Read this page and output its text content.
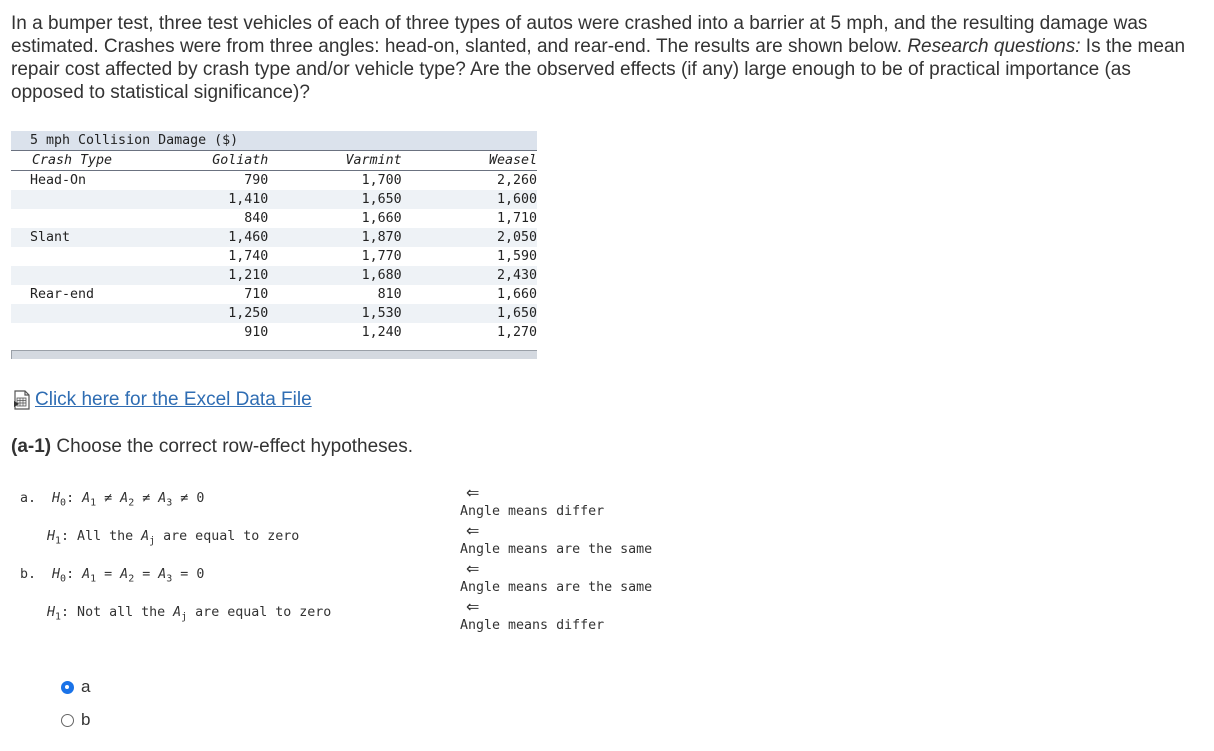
In a bumper test, three test vehicles of each of three types of autos were crashed into a barrier at 5 mph, and the resulting damage was estimated. Crashes were from three angles: head-on, slanted, and rear-end. The results are shown below. Research questions: Is the mean repair cost affected by crash type and/or vehicle type? Are the observed effects (if any) large enough to be of practical importance (as opposed to statistical significance)?
5 mph Collision Damage ($)
Crash Type	Goliath	Varmint	Weasel
Head-On	790	1,700	2,260
	1,410	1,650	1,600
	840	1,660	1,710
Slant	1,460	1,870	2,050
	1,740	1,770	1,590
	1,210	1,680	2,430
Rear-end	710	810	1,660
	1,250	1,530	1,650
	910	1,240	1,270

Click here for the Excel Data File
(a-1) Choose the correct row-effect hypotheses.
a. $H_0$: $A_1 \ne A_2 \ne A_3 \ne 0$
$H_1$: All the $A_j$ are equal to zero
b. $H_0$: $A_1 = A_2 = A_3 = 0$
$H_1$: Not all the $A_j$ are equal to zero
⇐
Angle means differ
⇐
Angle means are the same
⇐
Angle means are the same
⇐
Angle means differ
a
b
